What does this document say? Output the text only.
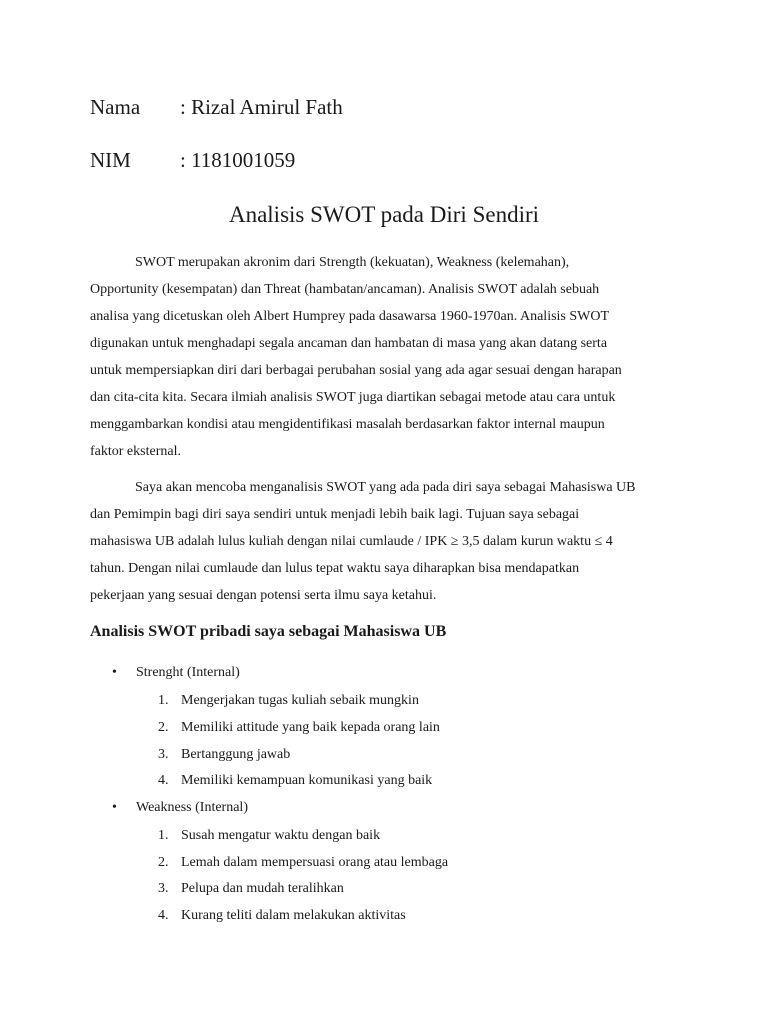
Nama	: Rizal Amirul Fath
NIM	: 1181001059
Analisis SWOT pada Diri Sendiri

SWOT merupakan akronim dari Strength (kekuatan), Weakness (kelemahan),
Opportunity (kesempatan) dan Threat (hambatan/ancaman). Analisis SWOT adalah sebuah
analisa yang dicetuskan oleh Albert Humprey pada dasawarsa 1960-1970an. Analisis SWOT
digunakan untuk menghadapi segala ancaman dan hambatan di masa yang akan datang serta
untuk mempersiapkan diri dari berbagai perubahan sosial yang ada agar sesuai dengan harapan
dan cita-cita kita. Secara ilmiah analisis SWOT juga diartikan sebagai metode atau cara untuk
menggambarkan kondisi atau mengidentifikasi masalah berdasarkan faktor internal maupun
faktor eksternal.

Saya akan mencoba menganalisis SWOT yang ada pada diri saya sebagai Mahasiswa UB
dan Pemimpin bagi diri saya sendiri untuk menjadi lebih baik lagi. Tujuan saya sebagai
mahasiswa UB adalah lulus kuliah dengan nilai cumlaude / IPK ≥ 3,5 dalam kurun waktu ≤ 4
tahun. Dengan nilai cumlaude dan lulus tepat waktu saya diharapkan bisa mendapatkan
pekerjaan yang sesuai dengan potensi serta ilmu saya ketahui.

Analisis SWOT pribadi saya sebagai Mahasiswa UB
• Strenght (Internal)
1. Mengerjakan tugas kuliah sebaik mungkin
2. Memiliki attitude yang baik kepada orang lain
3. Bertanggung jawab
4. Memiliki kemampuan komunikasi yang baik
• Weakness (Internal)
1. Susah mengatur waktu dengan baik
2. Lemah dalam mempersuasi orang atau lembaga
3. Pelupa dan mudah teralihkan
4. Kurang teliti dalam melakukan aktivitas
